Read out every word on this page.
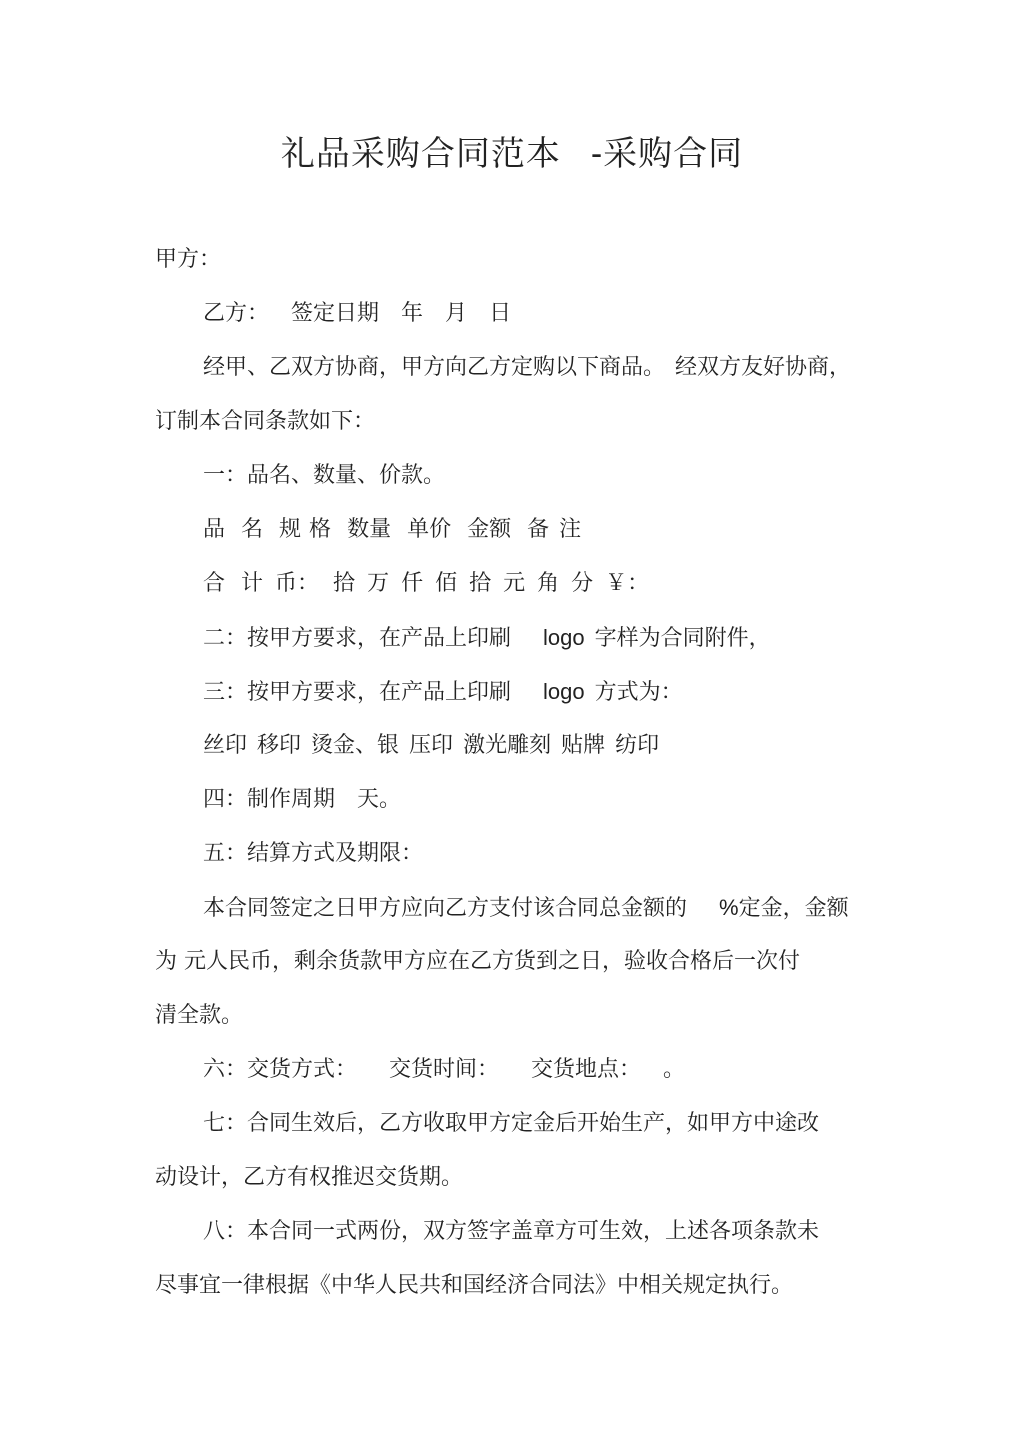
礼品采购合同范本 -采购合同
甲方：
乙方： 签定日期 年 月 日
经甲、乙双方协商，甲方向乙方定购以下商品。 经双方友好协商，
订制本合同条款如下：
一：品名、数量、价款。
品 名 规 格 数量 单价 金额 备 注
合 计 币： 拾 万 仟 佰 拾 元 角 分 ￥：
二：按甲方要求，在产品上印刷 logo 字样为合同附件，
三：按甲方要求，在产品上印刷 logo 方式为：
丝印 移印 烫金、银 压印 激光雕刻 贴牌 纺印
四：制作周期 天。
五：结算方式及期限：
本合同签定之日甲方应向乙方支付该合同总金额的 %定金，金额
为 元人民币，剩余货款甲方应在乙方货到之日，验收合格后一次付
清全款。
六：交货方式： 交货时间： 交货地点： 。
七：合同生效后，乙方收取甲方定金后开始生产，如甲方中途改
动设计，乙方有权推迟交货期。
八：本合同一式两份，双方签字盖章方可生效，上述各项条款未
尽事宜一律根据《中华人民共和国经济合同法》中相关规定执行。
